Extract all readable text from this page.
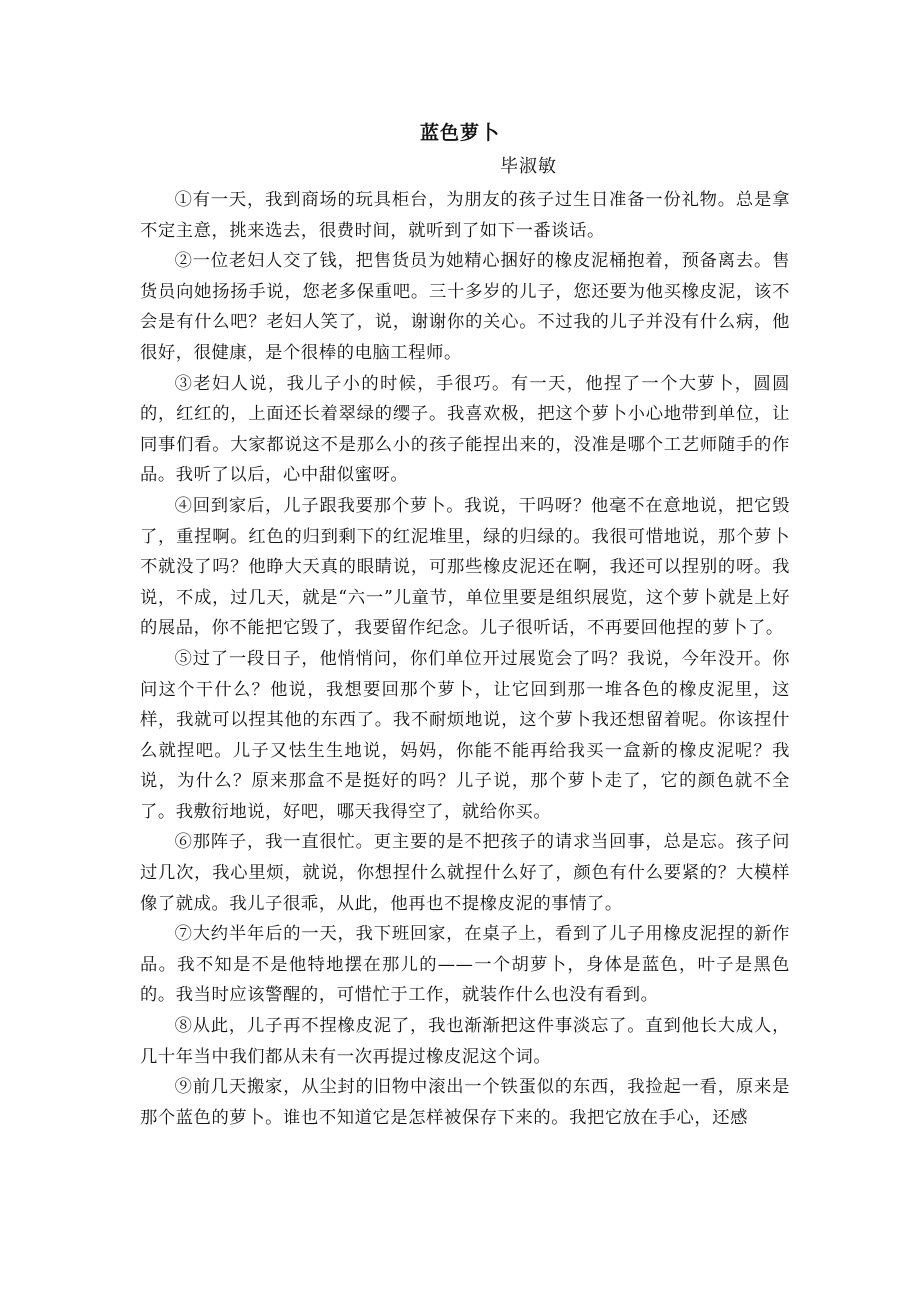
蓝色萝卜
毕淑敏

①有一天，我到商场的玩具柜台，为朋友的孩子过生日准备一份礼物。总是拿不定主意，挑来选去，很费时间，就听到了如下一番谈话。

②一位老妇人交了钱，把售货员为她精心捆好的橡皮泥桶抱着，预备离去。售货员向她扬扬手说，您老多保重吧。三十多岁的儿子，您还要为他买橡皮泥，该不会是有什么吧？老妇人笑了，说，谢谢你的关心。不过我的儿子并没有什么病，他很好，很健康，是个很棒的电脑工程师。

③老妇人说，我儿子小的时候，手很巧。有一天，他捏了一个大萝卜，圆圆的，红红的，上面还长着翠绿的缨子。我喜欢极，把这个萝卜小心地带到单位，让同事们看。大家都说这不是那么小的孩子能捏出来的，没准是哪个工艺师随手的作品。我听了以后，心中甜似蜜呀。

④回到家后，儿子跟我要那个萝卜。我说，干吗呀？他毫不在意地说，把它毁了，重捏啊。红色的归到剩下的红泥堆里，绿的归绿的。我很可惜地说，那个萝卜不就没了吗？他睁大天真的眼睛说，可那些橡皮泥还在啊，我还可以捏别的呀。我说，不成，过几天，就是“六一”儿童节，单位里要是组织展览，这个萝卜就是上好的展品，你不能把它毁了，我要留作纪念。儿子很听话，不再要回他捏的萝卜了。

⑤过了一段日子，他悄悄问，你们单位开过展览会了吗？我说，今年没开。你问这个干什么？他说，我想要回那个萝卜，让它回到那一堆各色的橡皮泥里，这样，我就可以捏其他的东西了。我不耐烦地说，这个萝卜我还想留着呢。你该捏什么就捏吧。儿子又怯生生地说，妈妈，你能不能再给我买一盒新的橡皮泥呢？我说，为什么？原来那盒不是挺好的吗？儿子说，那个萝卜走了，它的颜色就不全了。我敷衍地说，好吧，哪天我得空了，就给你买。

⑥那阵子，我一直很忙。更主要的是不把孩子的请求当回事，总是忘。孩子问过几次，我心里烦，就说，你想捏什么就捏什么好了，颜色有什么要紧的？大模样像了就成。我儿子很乖，从此，他再也不提橡皮泥的事情了。

⑦大约半年后的一天，我下班回家，在桌子上，看到了儿子用橡皮泥捏的新作品。我不知是不是他特地摆在那儿的——一个胡萝卜，身体是蓝色，叶子是黑色的。我当时应该警醒的，可惜忙于工作，就装作什么也没有看到。

⑧从此，儿子再不捏橡皮泥了，我也渐渐把这件事淡忘了。直到他长大成人，几十年当中我们都从未有一次再提过橡皮泥这个词。

⑨前几天搬家，从尘封的旧物中滚出一个铁蛋似的东西，我捡起一看，原来是那个蓝色的萝卜。谁也不知道它是怎样被保存下来的。我把它放在手心，还感
